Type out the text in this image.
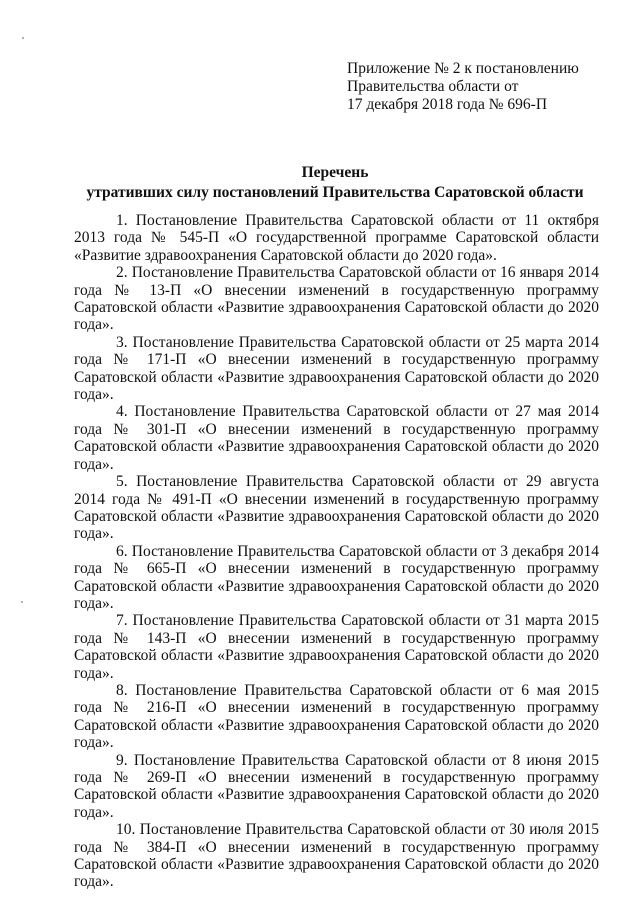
Приложение № 2 к постановлению
Правительства области от
17 декабря 2018 года № 696-П
Перечень
утративших силу постановлений Правительства Саратовской области

1. Постановление Правительства Саратовской области от 11 октября 2013 года № 545-П «О государственной программе Саратовской области «Развитие здравоохранения Саратовской области до 2020 года».

2. Постановление Правительства Саратовской области от 16 января 2014 года № 13-П «О внесении изменений в государственную программу Саратовской области «Развитие здравоохранения Саратовской области до 2020 года».

3. Постановление Правительства Саратовской области от 25 марта 2014 года № 171-П «О внесении изменений в государственную программу Саратовской области «Развитие здравоохранения Саратовской области до 2020 года».

4. Постановление Правительства Саратовской области от 27 мая 2014 года № 301-П «О внесении изменений в государственную программу Саратовской области «Развитие здравоохранения Саратовской области до 2020 года».

5. Постановление Правительства Саратовской области от 29 августа 2014 года № 491-П «О внесении изменений в государственную программу Саратовской области «Развитие здравоохранения Саратовской области до 2020 года».

6. Постановление Правительства Саратовской области от 3 декабря 2014 года № 665-П «О внесении изменений в государственную программу Саратовской области «Развитие здравоохранения Саратовской области до 2020 года».

7. Постановление Правительства Саратовской области от 31 марта 2015 года № 143-П «О внесении изменений в государственную программу Саратовской области «Развитие здравоохранения Саратовской области до 2020 года».

8. Постановление Правительства Саратовской области от 6 мая 2015 года № 216-П «О внесении изменений в государственную программу Саратовской области «Развитие здравоохранения Саратовской области до 2020 года».

9. Постановление Правительства Саратовской области от 8 июня 2015 года № 269-П «О внесении изменений в государственную программу Саратовской области «Развитие здравоохранения Саратовской области до 2020 года».

10. Постановление Правительства Саратовской области от 30 июля 2015 года № 384-П «О внесении изменений в государственную программу Саратовской области «Развитие здравоохранения Саратовской области до 2020 года».
